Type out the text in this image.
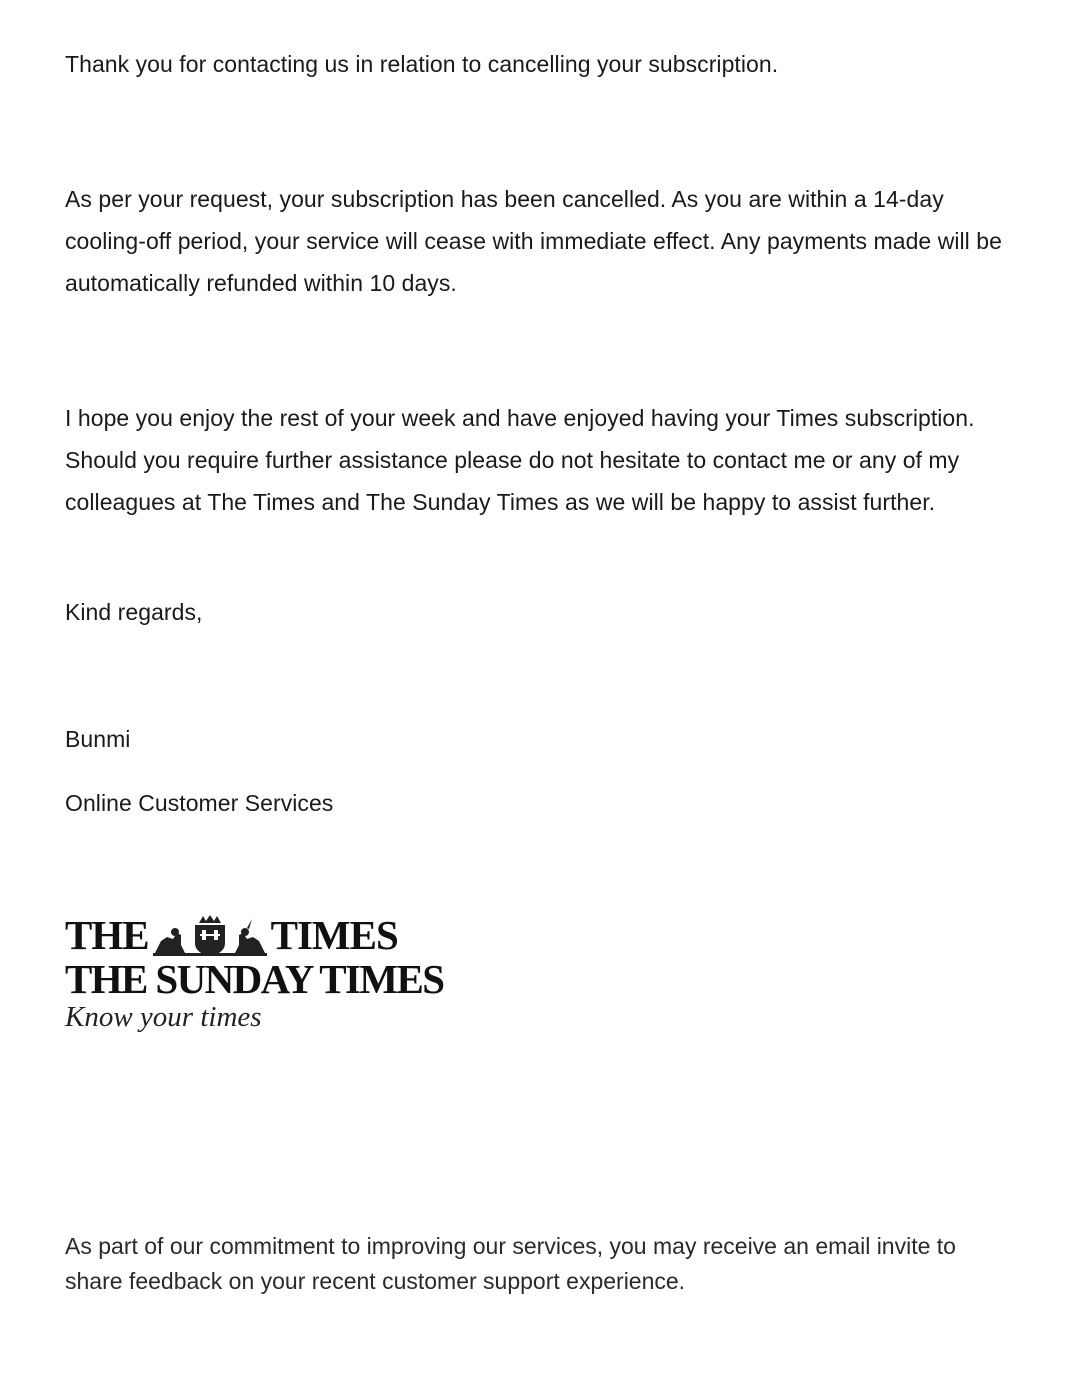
Thank you for contacting us in relation to cancelling your subscription.

As per your request, your subscription has been cancelled. As you are within a 14-day cooling-off period, your service will cease with immediate effect. Any payments made will be automatically refunded within 10 days.

I hope you enjoy the rest of your week and have enjoyed having your Times subscription. Should you require further assistance please do not hesitate to contact me or any of my colleagues at The Times and The Sunday Times as we will be happy to assist further.

Kind regards,

Bunmi

Online Customer Services

THE	TIMES
THE SUNDAY TIMES
Know your times

As part of our commitment to improving our services, you may receive an email invite to share feedback on your recent customer support experience.
